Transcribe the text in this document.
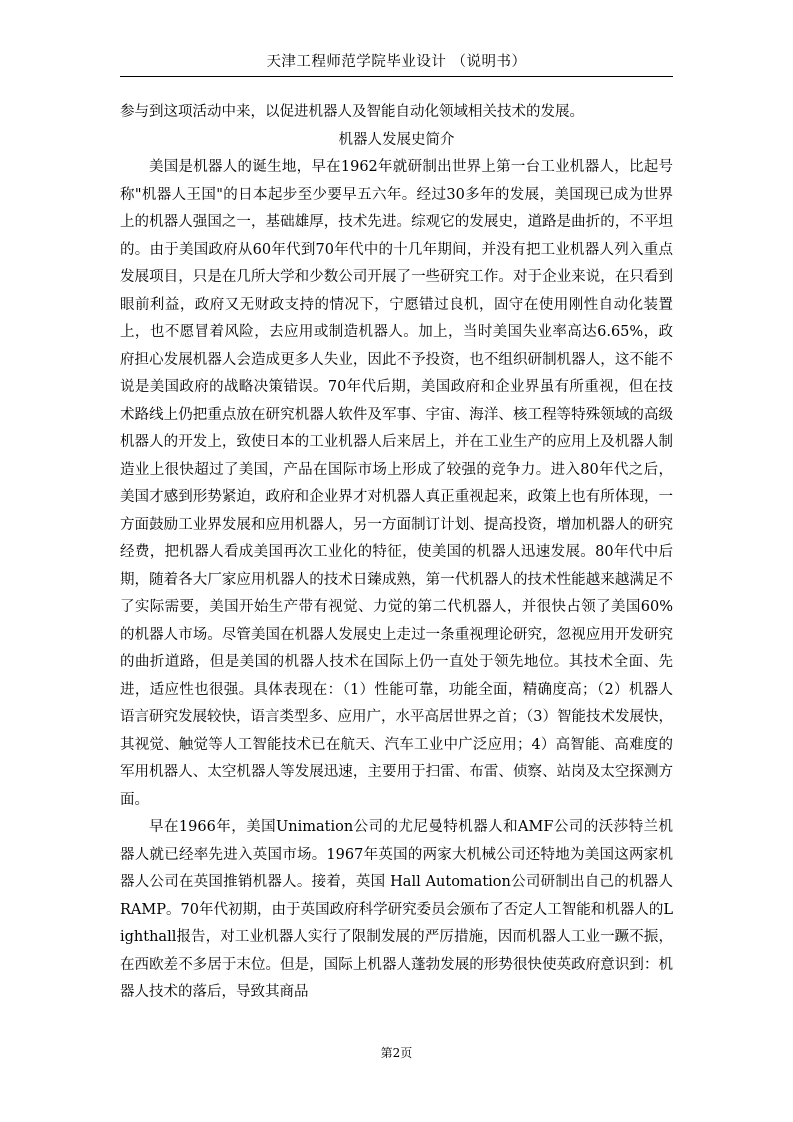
天津工程师范学院毕业设计 （说明书）

参与到这项活动中来，以促进机器人及智能自动化领域相关技术的发展。

机器人发展史简介

美国是机器人的诞生地，早在1962年就研制出世界上第一台工业机器人，比起号称"机器人王国"的日本起步至少要早五六年。经过30多年的发展，美国现已成为世界上的机器人强国之一，基础雄厚，技术先进。综观它的发展史，道路是曲折的，不平坦的。由于美国政府从60年代到70年代中的十几年期间，并没有把工业机器人列入重点发展项目，只是在几所大学和少数公司开展了一些研究工作。对于企业来说，在只看到眼前利益，政府又无财政支持的情况下，宁愿错过良机，固守在使用刚性自动化装置上，也不愿冒着风险，去应用或制造机器人。加上，当时美国失业率高达6.65%，政府担心发展机器人会造成更多人失业，因此不予投资，也不组织研制机器人，这不能不说是美国政府的战略决策错误。70年代后期，美国政府和企业界虽有所重视，但在技术路线上仍把重点放在研究机器人软件及军事、宇宙、海洋、核工程等特殊领域的高级机器人的开发上，致使日本的工业机器人后来居上，并在工业生产的应用上及机器人制造业上很快超过了美国，产品在国际市场上形成了较强的竞争力。进入80年代之后，美国才感到形势紧迫，政府和企业界才对机器人真正重视起来，政策上也有所体现，一方面鼓励工业界发展和应用机器人，另一方面制订计划、提高投资，增加机器人的研究经费，把机器人看成美国再次工业化的特征，使美国的机器人迅速发展。80年代中后期，随着各大厂家应用机器人的技术日臻成熟，第一代机器人的技术性能越来越满足不了实际需要，美国开始生产带有视觉、力觉的第二代机器人，并很快占领了美国60%的机器人市场。尽管美国在机器人发展史上走过一条重视理论研究，忽视应用开发研究的曲折道路，但是美国的机器人技术在国际上仍一直处于领先地位。其技术全面、先进，适应性也很强。具体表现在：（1）性能可靠，功能全面，精确度高；（2）机器人语言研究发展较快，语言类型多、应用广，水平高居世界之首；（3）智能技术发展快，其视觉、触觉等人工智能技术已在航天、汽车工业中广泛应用；4）高智能、高难度的军用机器人、太空机器人等发展迅速，主要用于扫雷、布雷、侦察、站岗及太空探测方面。

早在1966年，美国Unimation公司的尤尼曼特机器人和AMF公司的沃莎特兰机器人就已经率先进入英国市场。1967年英国的两家大机械公司还特地为美国这两家机器人公司在英国推销机器人。接着，英国 Hall Automation公司研制出自己的机器人RAMP。70年代初期，由于英国政府科学研究委员会颁布了否定人工智能和机器人的Lighthall报告，对工业机器人实行了限制发展的严厉措施，因而机器人工业一蹶不振，在西欧差不多居于末位。但是，国际上机器人蓬勃发展的形势很快使英政府意识到：机器人技术的落后，导致其商品

第2页
